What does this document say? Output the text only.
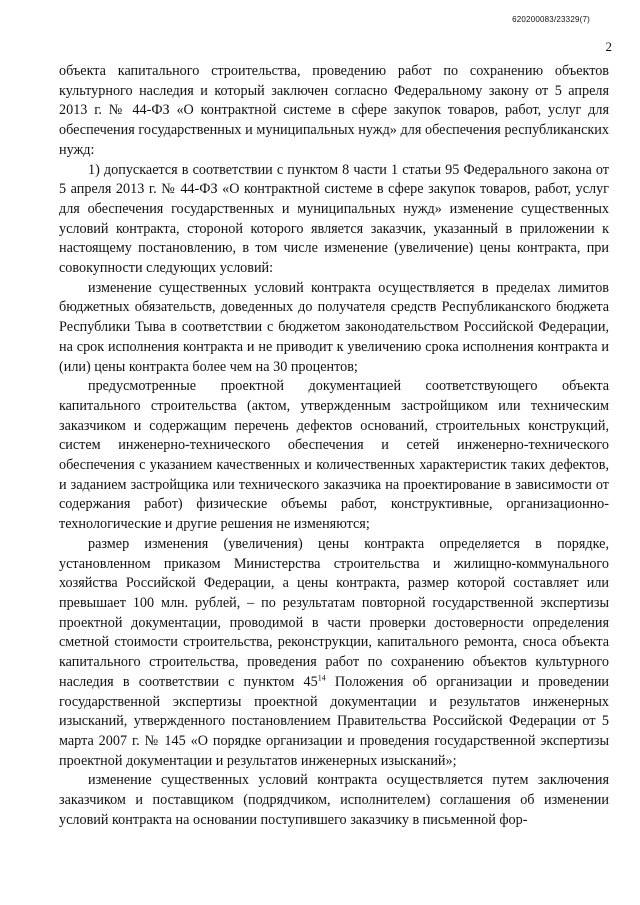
620200083/23329(7)
2

объекта капитального строительства, проведению работ по сохранению объектов культурного наследия и который заключен согласно Федеральному закону от 5 апреля 2013 г. № 44-ФЗ «О контрактной системе в сфере закупок товаров, работ, услуг для обеспечения государственных и муниципальных нужд» для обеспечения республиканских нужд:

1) допускается в соответствии с пунктом 8 части 1 статьи 95 Федерального закона от 5 апреля 2013 г. № 44-ФЗ «О контрактной системе в сфере закупок товаров, работ, услуг для обеспечения государственных и муниципальных нужд» изменение существенных условий контракта, стороной которого является заказчик, указанный в приложении к настоящему постановлению, в том числе изменение (увеличение) цены контракта, при совокупности следующих условий:

изменение существенных условий контракта осуществляется в пределах лимитов бюджетных обязательств, доведенных до получателя средств Республиканского бюджета Республики Тыва в соответствии с бюджетом законодательством Российской Федерации, на срок исполнения контракта и не приводит к увеличению срока исполнения контракта и (или) цены контракта более чем на 30 процентов;

предусмотренные проектной документацией соответствующего объекта капитального строительства (актом, утвержденным застройщиком или техническим заказчиком и содержащим перечень дефектов оснований, строительных конструкций, систем инженерно-технического обеспечения и сетей инженерно-технического обеспечения с указанием качественных и количественных характеристик таких дефектов, и заданием застройщика или технического заказчика на проектирование в зависимости от содержания работ) физические объемы работ, конструктивные, организационно-технологические и другие решения не изменяются;

размер изменения (увеличения) цены контракта определяется в порядке, установленном приказом Министерства строительства и жилищно-коммунального хозяйства Российской Федерации, а цены контракта, размер которой составляет или превышает 100 млн. рублей, – по результатам повторной государственной экспертизы проектной документации, проводимой в части проверки достоверности определения сметной стоимости строительства, реконструкции, капитального ремонта, сноса объекта капитального строительства, проведения работ по сохранению объектов культурного наследия в соответствии с пунктом $45^{14}$ Положения об организации и проведении государственной экспертизы проектной документации и результатов инженерных изысканий, утвержденного постановлением Правительства Российской Федерации от 5 марта 2007 г. № 145 «О порядке организации и проведения государственной экспертизы проектной документации и результатов инженерных изысканий»;

изменение существенных условий контракта осуществляется путем заключения заказчиком и поставщиком (подрядчиком, исполнителем) соглашения об изменении условий контракта на основании поступившего заказчику в письменной фор-
